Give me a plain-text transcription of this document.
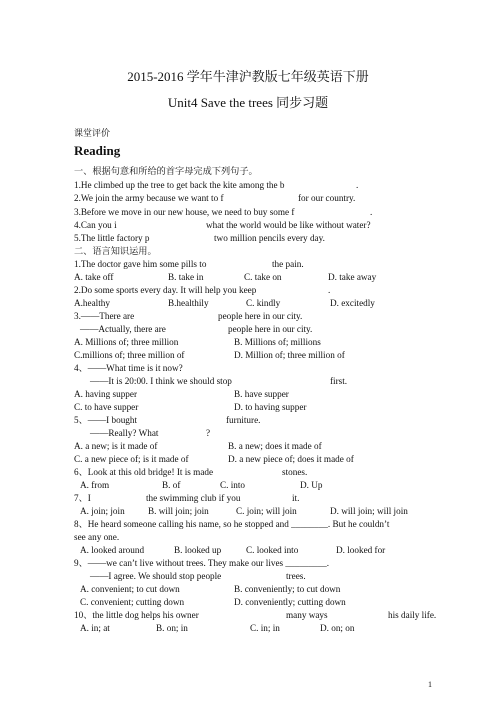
2015-2016 学年牛津沪教版七年级英语下册
Unit4 Save the trees 同步习题
课堂评价
Reading
一、根据句意和所给的首字母完成下列句子。
1.He climbed up the tree to get back the kite among the b	.
2.We join the army because we want to f	for our country.
3.Before we move in our new house, we need to buy some f	.
4.Can you i	what the world would be like without water?
5.The little factory p	two million pencils every day.
二、语言知识运用。
1.The doctor gave him some pills to	the pain.
A. take off	B. take in	C. take on	D. take away
2.Do some sports every day. It will help you keep	.
A.healthy	B.healthily	C. kindly	D. excitedly
3.——There are	people here in our city.
——Actually, there are	people here in our city.
A. Millions of; three million	B. Millions of; millions
C.millions of; three million of	D. Million of; three million of
4、——What time is it now?
——It is 20:00. I think we should stop	first.
A. having supper	B. have supper
C. to have supper	D. to having supper
5、——I bought	furniture.
——Really? What	?
A. a new; is it made of	B. a new; does it made of
C. a new piece of; is it made of	D. a new piece of; does it made of
6、Look at this old bridge! It is made	stones.
A. from	B. of	C. into	D. Up
7、I	the swimming club if you	it.
A. join; join	B. will join; join	C. join; will join	D. will join; will join
8、He heard someone calling his name, so he stopped and ________. But he couldn’t
see any one.
A. looked around	B. looked up	C. looked into	D. looked for
9、——we can’t live without trees. They make our lives _________.
——I agree. We should stop people	trees.
A. convenient; to cut down	B. conveniently; to cut down
C. convenient; cutting down	D. conveniently; cutting down
10、the little dog helps his owner	many ways	his daily life.
A. in; at	B. on; in	C. in; in	D. on; on
1
